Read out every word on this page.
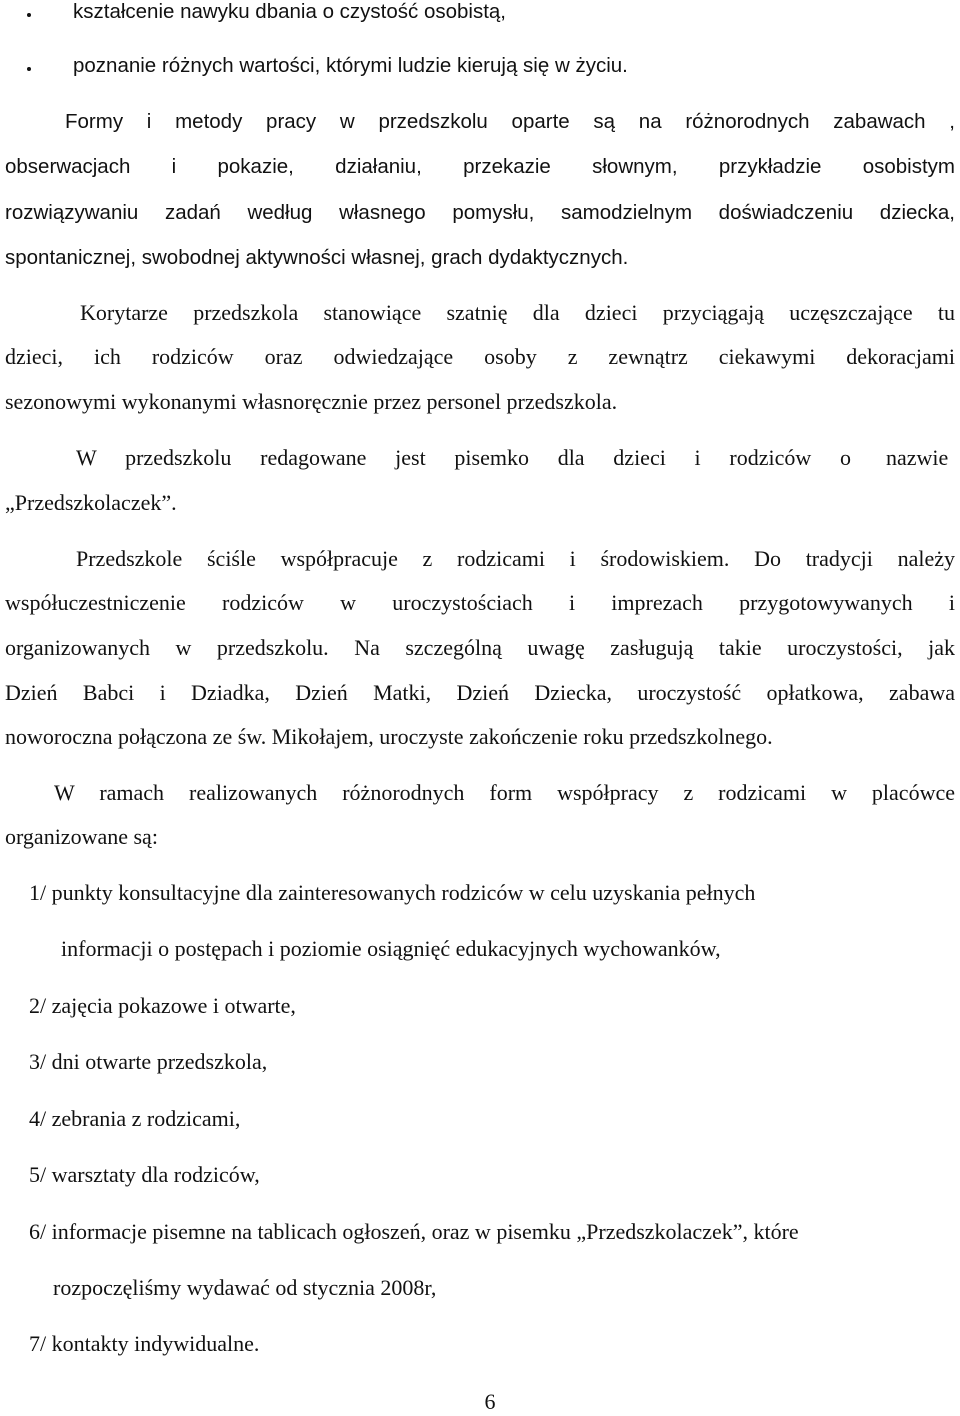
kształcenie nawyku dbania o czystość osobistą,
poznanie różnych wartości, którymi ludzie kierują się w życiu.
Formy i metody pracy w przedszkolu oparte są na różnorodnych zabawach ,
obserwacjach i pokazie, działaniu, przekazie słownym, przykładzie osobistym
rozwiązywaniu zadań według własnego pomysłu, samodzielnym doświadczeniu dziecka,
spontanicznej, swobodnej aktywności własnej, grach dydaktycznych.
Korytarze przedszkola stanowiące szatnię dla dzieci przyciągają uczęszczające tu
dzieci, ich rodziców oraz odwiedzające osoby z zewnątrz ciekawymi dekoracjami
sezonowymi wykonanymi własnoręcznie przez personel przedszkola.
W przedszkolu redagowane jest pisemko dla dzieci i rodziców o nazwie
„Przedszkolaczek”.
Przedszkole ściśle współpracuje z rodzicami i środowiskiem. Do tradycji należy
współuczestniczenie rodziców w uroczystościach i imprezach przygotowywanych i
organizowanych w przedszkolu. Na szczególną uwagę zasługują takie uroczystości, jak
Dzień Babci i Dziadka, Dzień Matki, Dzień Dziecka, uroczystość opłatkowa, zabawa
noworoczna połączona ze św. Mikołajem, uroczyste zakończenie roku przedszkolnego.
W ramach realizowanych różnorodnych form współpracy z rodzicami w placówce
organizowane są:
1/ punkty konsultacyjne dla zainteresowanych rodziców w celu uzyskania pełnych
informacji o postępach i poziomie osiągnięć edukacyjnych wychowanków,
2/ zajęcia pokazowe i otwarte,
3/ dni otwarte przedszkola,
4/ zebrania z rodzicami,
5/ warsztaty dla rodziców,
6/ informacje pisemne na tablicach ogłoszeń, oraz w pisemku „Przedszkolaczek”, które
rozpoczęliśmy wydawać od stycznia 2008r,
7/ kontakty indywidualne.
6
